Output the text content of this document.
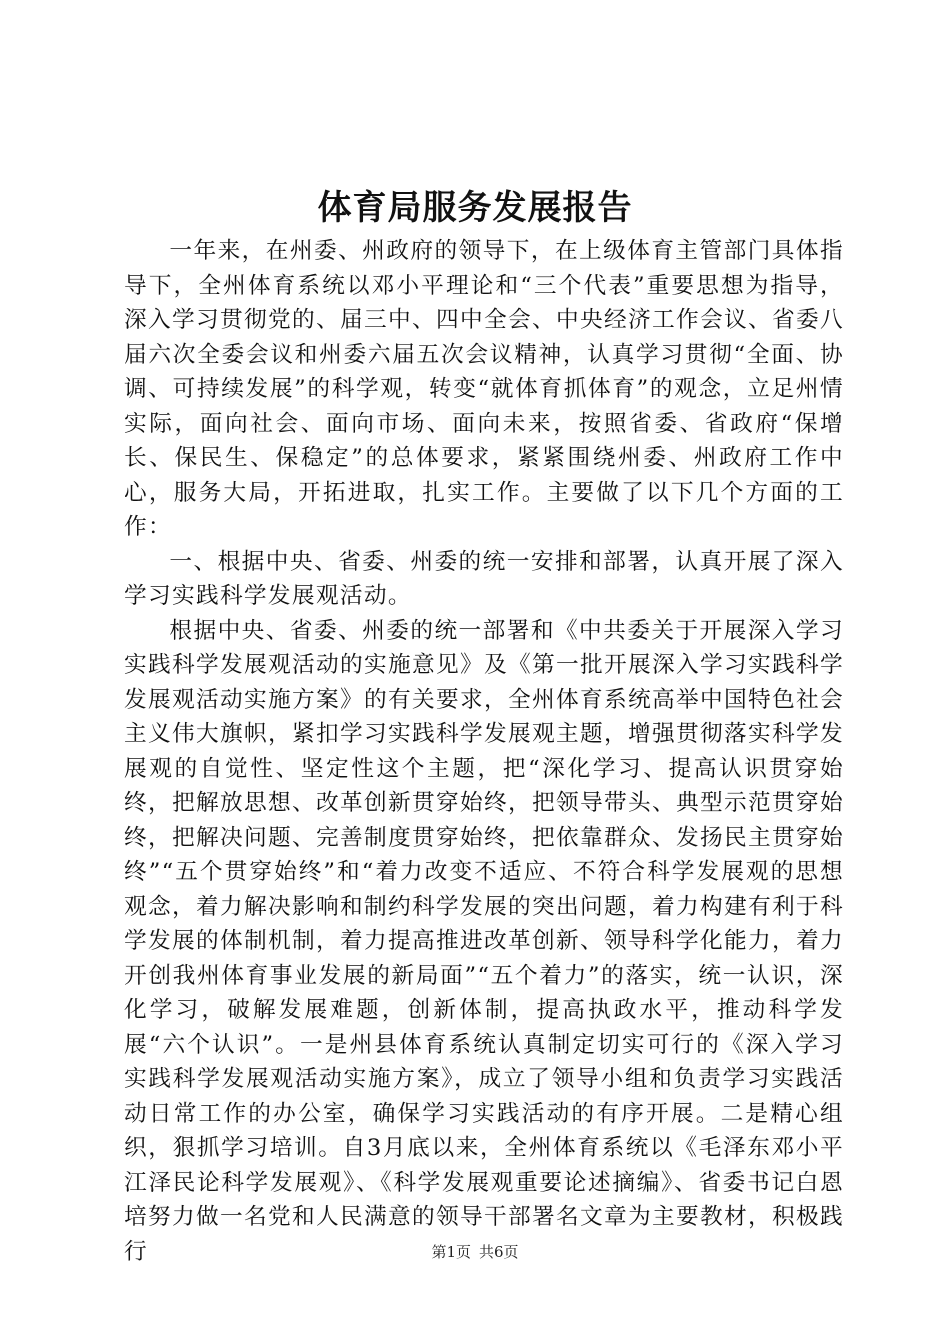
体育局服务发展报告

一年来，在州委、州政府的领导下，在上级体育主管部门具体指导下，全州体育系统以邓小平理论和“三个代表”重要思想为指导，深入学习贯彻党的、届三中、四中全会、中央经济工作会议、省委八届六次全委会议和州委六届五次会议精神，认真学习贯彻“全面、协调、可持续发展”的科学观，转变“就体育抓体育”的观念，立足州情实际，面向社会、面向市场、面向未来，按照省委、省政府“保增长、保民生、保稳定”的总体要求，紧紧围绕州委、州政府工作中心，服务大局，开拓进取，扎实工作。主要做了以下几个方面的工作：

一、根据中央、省委、州委的统一安排和部署，认真开展了深入学习实践科学发展观活动。

根据中央、省委、州委的统一部署和《中共委关于开展深入学习实践科学发展观活动的实施意见》及《第一批开展深入学习实践科学发展观活动实施方案》的有关要求，全州体育系统高举中国特色社会主义伟大旗帜，紧扣学习实践科学发展观主题，增强贯彻落实科学发展观的自觉性、坚定性这个主题，把“深化学习、提高认识贯穿始终，把解放思想、改革创新贯穿始终，把领导带头、典型示范贯穿始终，把解决问题、完善制度贯穿始终，把依靠群众、发扬民主贯穿始终”“五个贯穿始终”和“着力改变不适应、不符合科学发展观的思想观念，着力解决影响和制约科学发展的突出问题，着力构建有利于科学发展的体制机制，着力提高推进改革创新、领导科学化能力，着力开创我州体育事业发展的新局面”“五个着力”的落实，统一认识，深化学习，破解发展难题，创新体制，提高执政水平，推动科学发展“六个认识”。一是州县体育系统认真制定切实可行的《深入学习实践科学发展观活动实施方案》，成立了领导小组和负责学习实践活动日常工作的办公室，确保学习实践活动的有序开展。二是精心组织，狠抓学习培训。自3月底以来，全州体育系统以《毛泽东邓小平江泽民论科学发展观》、《科学发展观重要论述摘编》、省委书记白恩培努力做一名党和人民满意的领导干部署名文章为主要教材，积极践行	第1页 共6页
